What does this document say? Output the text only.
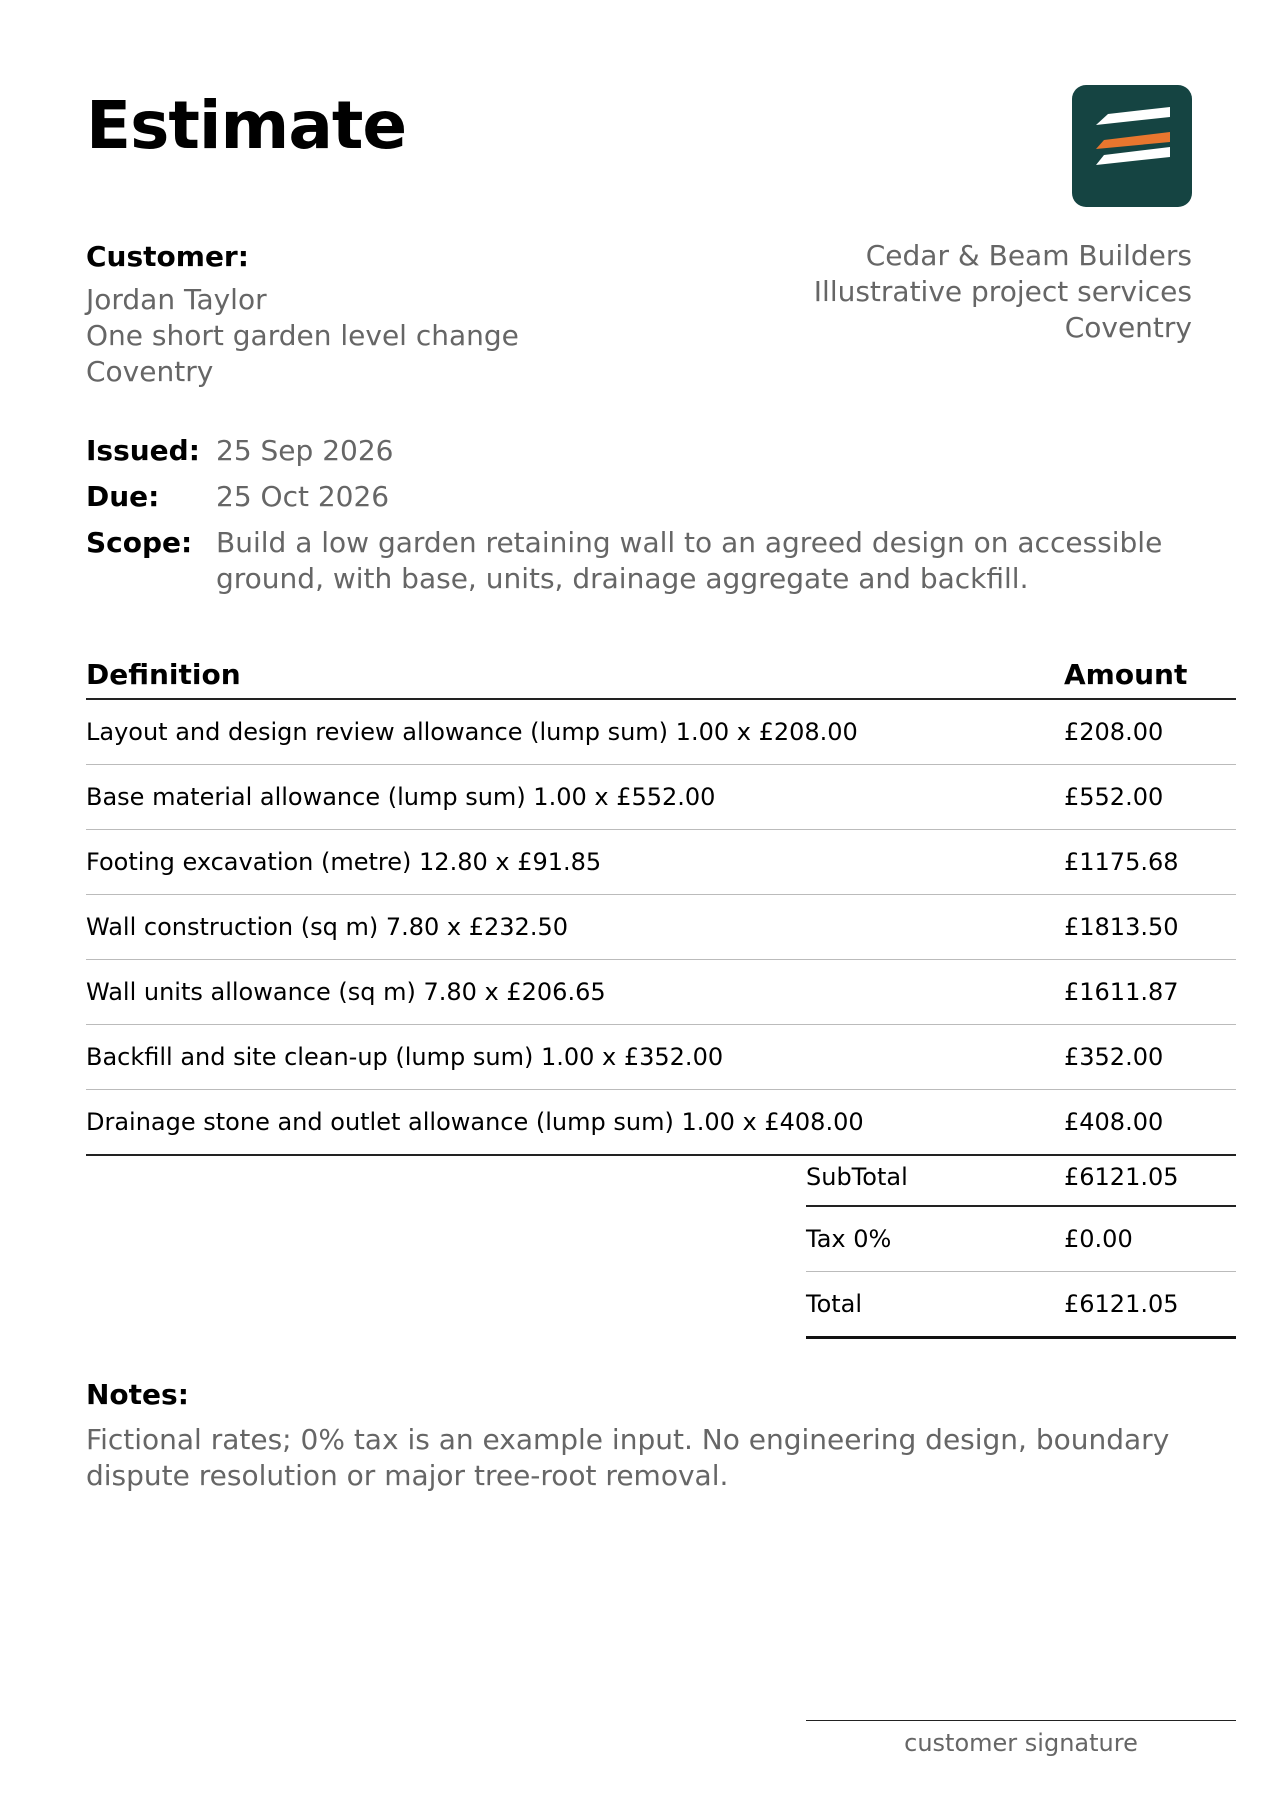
Estimate
Customer:
Jordan Taylor
One short garden level change
Coventry
Cedar & Beam Builders
Illustrative project services
Coventry
Issued: 25 Sep 2026
Due:	25 Oct 2026
Scope: Build a low garden retaining wall to an agreed design on accessible ground, with base, units, drainage aggregate and backfill.
Definition	Amount
Layout and design review allowance (lump sum) 1.00 x £208.00	£208.00
Base material allowance (lump sum) 1.00 x £552.00	£552.00
Footing excavation (metre) 12.80 x £91.85	£1175.68
Wall construction (sq m) 7.80 x £232.50	£1813.50
Wall units allowance (sq m) 7.80 x £206.65	£1611.87
Backfill and site clean-up (lump sum) 1.00 x £352.00	£352.00
Drainage stone and outlet allowance (lump sum) 1.00 x £408.00	£408.00
SubTotal	£6121.05
Tax 0%	£0.00
Total	£6121.05
Notes:
Fictional rates; 0% tax is an example input. No engineering design, boundary dispute resolution or major tree-root removal.
customer signature
